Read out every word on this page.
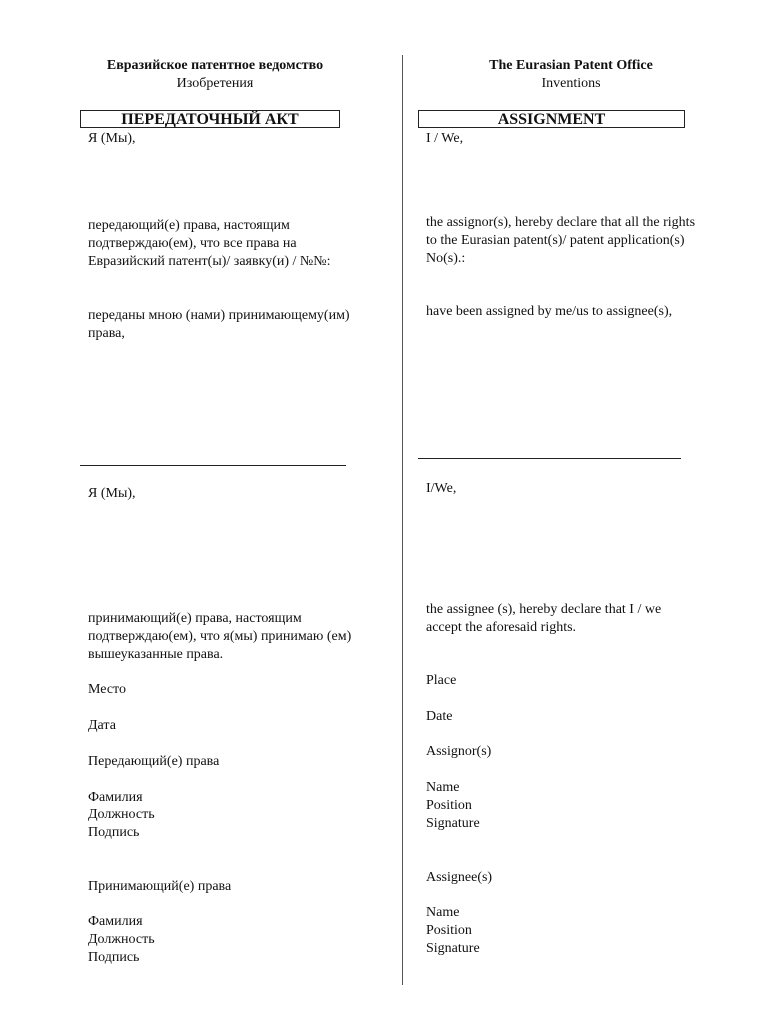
Евразийское патентное ведомство
Изобретения
ПЕРЕДАТОЧНЫЙ АКТ
Я (Мы),
передающий(е) права, настоящим
подтверждаю(ем), что все права на
Евразийский патент(ы)/ заявку(и) / №№:
переданы мною (нами) принимающему(им)
права,
Я (Мы),
принимающий(е) права, настоящим
подтверждаю(ем), что я(мы) принимаю (ем)
вышеуказанные права.
Место
Дата
Передающий(е) права
Фамилия
Должность
Подпись
Принимающий(е) права
Фамилия
Должность
Подпись
The Eurasian Patent Office
Inventions
ASSIGNMENT
I / We,
the assignor(s), hereby declare that all the rights
to the Eurasian patent(s)/ patent application(s)
No(s).:
have been assigned by me/us to assignee(s),
I/We,
the assignee (s), hereby declare that I / we
accept the aforesaid rights.
Place
Date
Assignor(s)
Name
Position
Signature
Assignee(s)
Name
Position
Signature
